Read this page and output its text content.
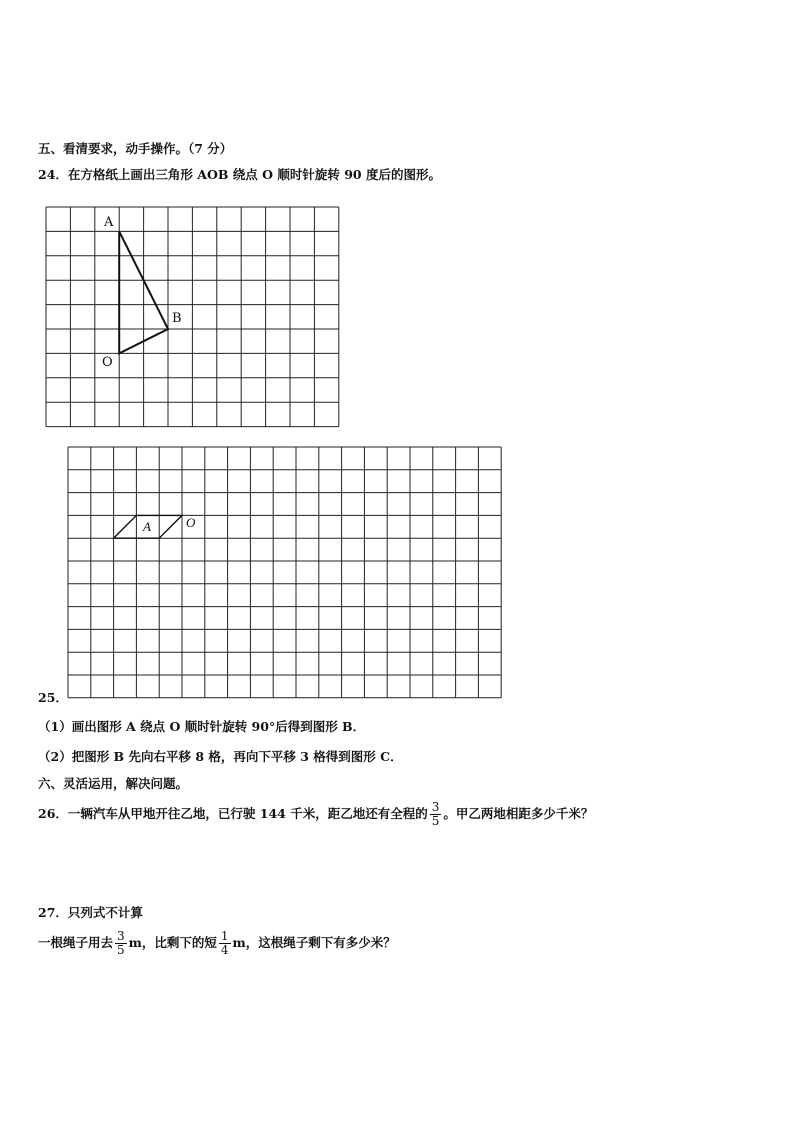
五、看清要求，动手操作。（7 分）
24．在方格纸上画出三角形 AOB 绕点 O 顺时针旋转 90 度后的图形。
A
B
O
A	O
25．
（1）画出图形 A 绕点 O 顺时针旋转 90°后得到图形 B．
（2）把图形 B 先向右平移 8 格，再向下平移 3 格得到图形 C．
六、灵活运用，解决问题。
26．一辆汽车从甲地开往乙地，已行驶 144 千米，距乙地还有全程的 $\frac{3}{5}$ 。甲乙两地相距多少千米？
27．只列式不计算
一根绳子用去 $\frac{3}{5}$ m，比剩下的短 $\frac{1}{4}$ m，这根绳子剩下有多少米？
